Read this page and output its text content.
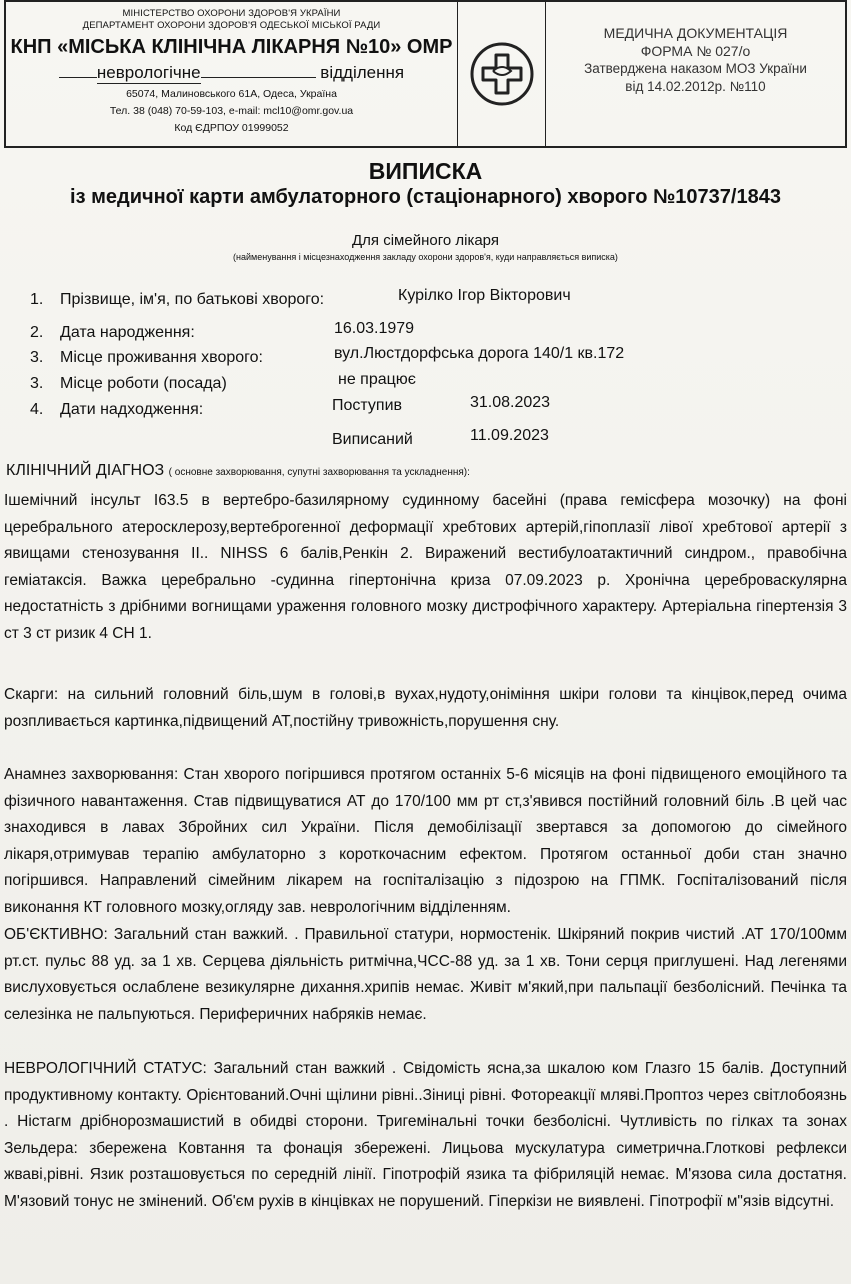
МІНІСТЕРСТВО ОХОРОНИ ЗДОРОВ'Я УКРАЇНИ
ДЕПАРТАМЕНТ ОХОРОНИ ЗДОРОВ'Я ОДЕСЬКОЇ МІСЬКОЇ РАДИ
КНП «МІСЬКА КЛІНІЧНА ЛІКАРНЯ №10» ОМР
неврологічне	відділення
65074, Малиновського 61А, Одеса, Україна
Тел. 38 (048) 70-59-103, e-mail: mcl10@omr.gov.ua
Код ЄДРПОУ 01999052
МЕДИЧНА ДОКУМЕНТАЦІЯ
ФОРМА № 027/о
Затверджена наказом МОЗ України
від 14.02.2012р. №110
ВИПИСКА
із медичної карти амбулаторного (стаціонарного) хворого №10737/1843
Для сімейного лікаря
(найменування і місцезнаходження закладу охорони здоров'я, куди направляється виписка)
1. Прізвище, ім'я, по батькові хворого:	Курілко Ігор Вікторович
2. Дата народження:	16.03.1979
3. Місце проживання хворого:	вул.Люстдорфська дорога 140/1 кв.172
3. Місце роботи (посада)	не працює
4. Дати надходження:	Поступив	31.08.2023
Виписаний	11.09.2023
КЛІНІЧНИЙ ДІАГНОЗ ( основне захворювання, супутні захворювання та ускладнення):
Ішемічний інсульт I63.5 в вертебро-базилярному судинному басейні (права гемісфера мозочку) на фоні церебрального атеросклерозу,вертеброгенної деформації хребтових артерій,гіпоплазії лівої хребтової артерії з явищами стенозування II.. NIHSS 6 балів,Ренкін 2. Виражений вестибулоатактичний синдром., правобічна геміатаксія. Важка церебрально -судинна гіпертонічна криза 07.09.2023 р. Хронічна цереброваскулярна недостатність з дрібними вогнищами ураження головного мозку дистрофічного характеру. Артеріальна гіпертензія 3 ст 3 ст ризик 4 СН 1.
Скарги: на сильний головний біль,шум в голові,в вухах,нудоту,оніміння шкіри голови та кінцівок,перед очима розпливається картинка,підвищений АТ,постійну тривожність,порушення сну.
Анамнез захворювання: Стан хворого погіршився протягом останніх 5-6 місяців на фоні підвищеного емоційного та фізичного навантаження. Став підвищуватися АТ до 170/100 мм рт ст,з'явився постійний головний біль .В цей час знаходився в лавах Збройних сил України. Після демобілізації звертався за допомогою до сімейного лікаря,отримував терапію амбулаторно з короткочасним ефектом. Протягом останньої доби стан значно погіршився. Направлений сімейним лікарем на госпіталізацію з підозрою на ГПМК. Госпіталізований після виконання КТ головного мозку,огляду зав. неврологічним відділенням.
ОБ'ЄКТИВНО: Загальний стан важкий. . Правильної статури, нормостенік. Шкіряний покрив чистий .АТ 170/100мм рт.ст. пульс 88 уд. за 1 хв. Серцева діяльність ритмічна,ЧСС-88 уд. за 1 хв. Тони серця приглушені. Над легенями вислуховується ослаблене везикулярне дихання.хрипів немає. Живіт м'який,при пальпації безболісний. Печінка та селезінка не пальпуються. Периферичних набряків немає.
НЕВРОЛОГІЧНИЙ СТАТУС: Загальний стан важкий . Свідомість ясна,за шкалою ком Глазго 15 балів. Доступний продуктивному контакту. Орієнтований.Очні щілини рівні..Зіниці рівні. Фотореакції мляві.Проптоз через світлобоязнь . Ністагм дрібнорозмашистий в обидві сторони. Тригемінальні точки безболісні. Чутливість по гілках та зонах Зельдера: збережена Ковтання та фонація збережені. Лицьова мускулатура симетрична.Глоткові рефлекси жваві,рівні. Язик розташовується по середній лінії. Гіпотрофій язика та фібриляцій немає. М'язова сила достатня. М'язовий тонус не змінений. Об'єм рухів в кінцівках не порушений. Гіперкізи не виявлені. Гіпотрофії м"язів відсутні.
